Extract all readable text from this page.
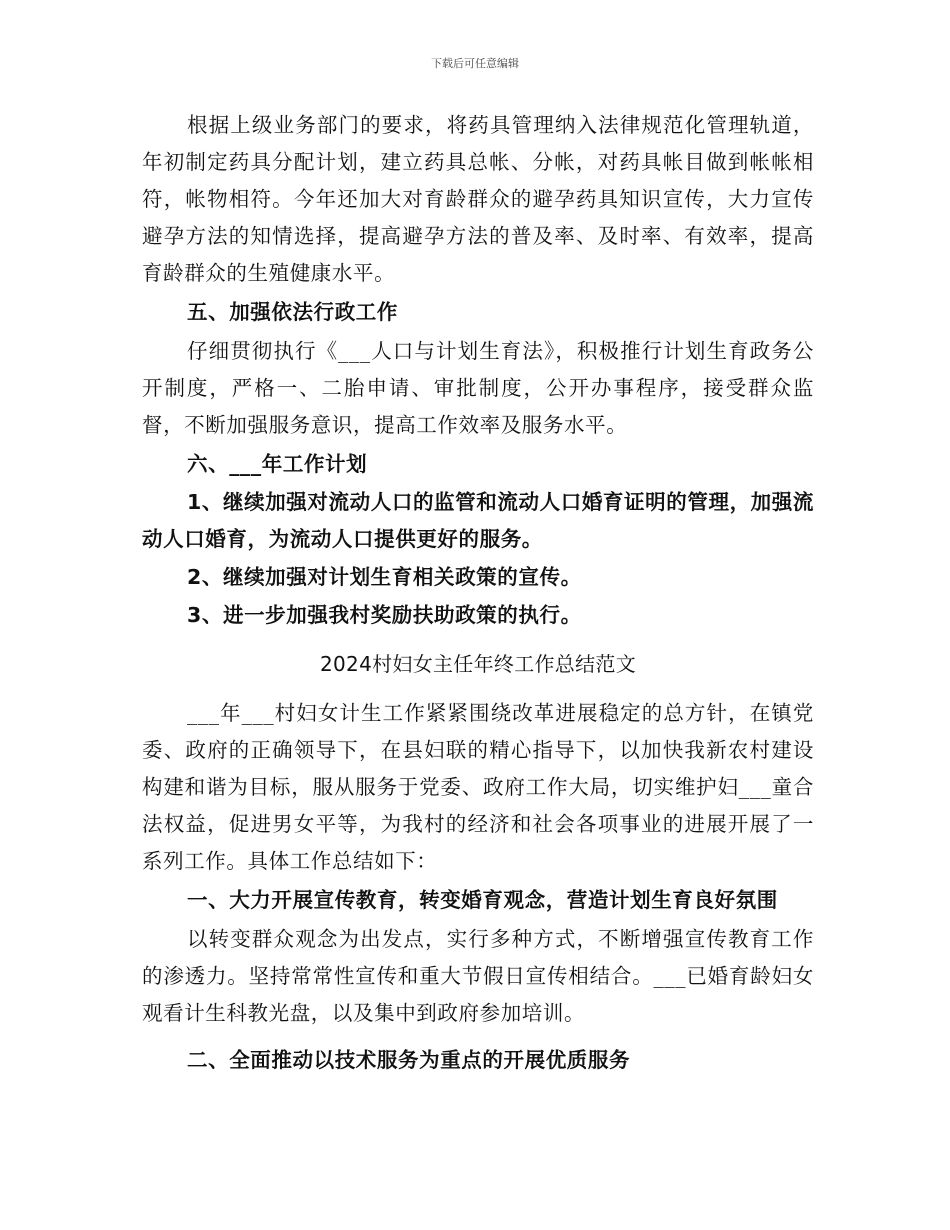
下载后可任意编辑

根据上级业务部门的要求，将药具管理纳入法律规范化管理轨道，年初制定药具分配计划，建立药具总帐、分帐，对药具帐目做到帐帐相符，帐物相符。今年还加大对育龄群众的避孕药具知识宣传，大力宣传避孕方法的知情选择，提高避孕方法的普及率、及时率、有效率，提高育龄群众的生殖健康水平。

五、加强依法行政工作

仔细贯彻执行《___人口与计划生育法》，积极推行计划生育政务公开制度，严格一、二胎申请、审批制度，公开办事程序，接受群众监督，不断加强服务意识，提高工作效率及服务水平。

六、___年工作计划

1、继续加强对流动人口的监管和流动人口婚育证明的管理，加强流动人口婚育，为流动人口提供更好的服务。

2、继续加强对计划生育相关政策的宣传。

3、进一步加强我村奖励扶助政策的执行。

2024村妇女主任年终工作总结范文

___年___村妇女计生工作紧紧围绕改革进展稳定的总方针，在镇党委、政府的正确领导下，在县妇联的精心指导下，以加快我新农村建设构建和谐为目标，服从服务于党委、政府工作大局，切实维护妇___童合法权益，促进男女平等，为我村的经济和社会各项事业的进展开展了一系列工作。具体工作总结如下：

一、大力开展宣传教育，转变婚育观念，营造计划生育良好氛围

以转变群众观念为出发点，实行多种方式，不断增强宣传教育工作的渗透力。坚持常常性宣传和重大节假日宣传相结合。___已婚育龄妇女观看计生科教光盘，以及集中到政府参加培训。

二、全面推动以技术服务为重点的开展优质服务
